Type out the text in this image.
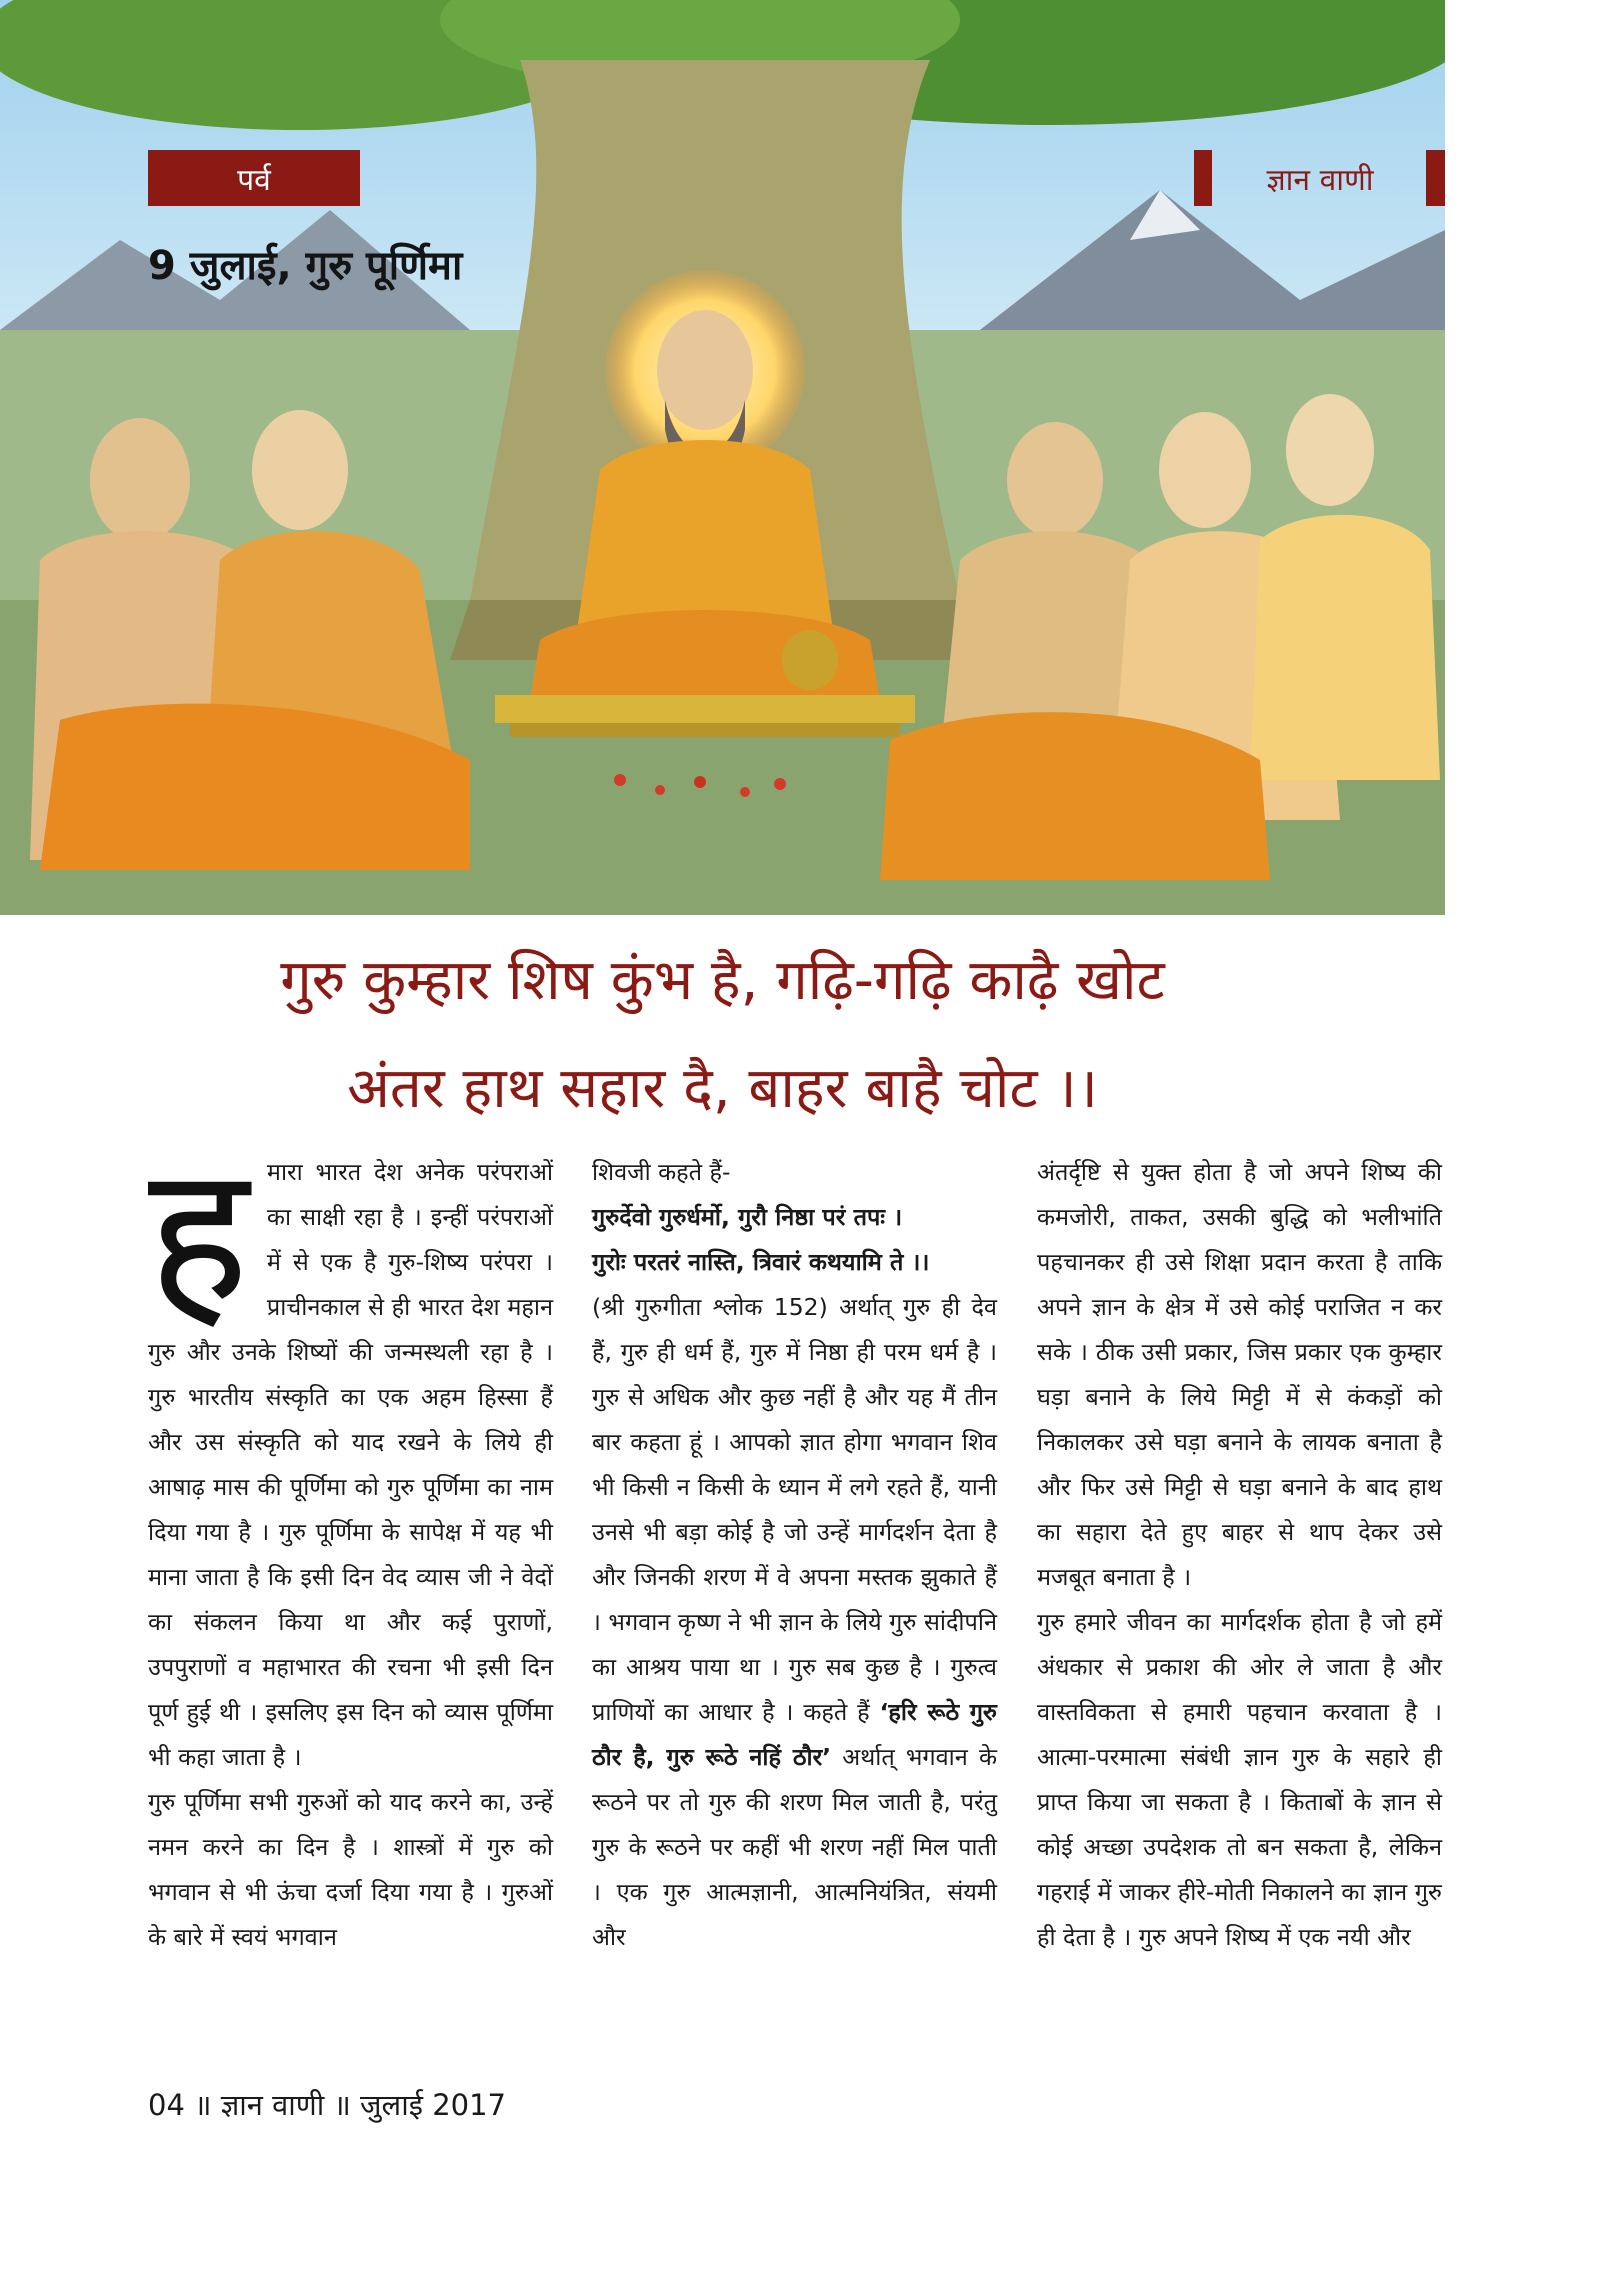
पर्व
9 जुलाई, गुरु पूर्णिमा
ज्ञान वाणी
गुरु कुम्हार शिष कुंभ है, गढ़ि-गढ़ि काढ़ै खोट
अंतर हाथ सहार दै, बाहर बाहै चोट ।।

हमारा भारत देश अनेक परंपराओं का साक्षी रहा है । इन्हीं परंपराओं में से एक है गुरु-शिष्य परंपरा । प्राचीनकाल से ही भारत देश महान गुरु और उनके शिष्यों की जन्मस्थली रहा है । गुरु भारतीय संस्कृति का एक अहम हिस्सा हैं और उस संस्कृति को याद रखने के लिये ही आषाढ़ मास की पूर्णिमा को गुरु पूर्णिमा का नाम दिया गया है । गुरु पूर्णिमा के सापेक्ष में यह भी माना जाता है कि इसी दिन वेद व्यास जी ने वेदों का संकलन किया था और कई पुराणों, उपपुराणों व महाभारत की रचना भी इसी दिन पूर्ण हुई थी । इसलिए इस दिन को व्यास पूर्णिमा भी कहा जाता है ।

गुरु पूर्णिमा सभी गुरुओं को याद करने का, उन्हें नमन करने का दिन है । शास्त्रों में गुरु को भगवान से भी ऊंचा दर्जा दिया गया है । गुरुओं के बारे में स्वयं भगवान

शिवजी कहते हैं-

गुरुर्देवो गुरुर्धर्मो, गुरौ निष्ठा परं तपः ।

गुरोः परतरं नास्ति, त्रिवारं कथयामि ते ।।

(श्री गुरुगीता श्लोक 152) अर्थात् गुरु ही देव हैं, गुरु ही धर्म हैं, गुरु में निष्ठा ही परम धर्म है । गुरु से अधिक और कुछ नहीं है और यह मैं तीन बार कहता हूं । आपको ज्ञात होगा भगवान शिव भी किसी न किसी के ध्यान में लगे रहते हैं, यानी उनसे भी बड़ा कोई है जो उन्हें मार्गदर्शन देता है और जिनकी शरण में वे अपना मस्तक झुकाते हैं । भगवान कृष्ण ने भी ज्ञान के लिये गुरु सांदीपनि का आश्रय पाया था । गुरु सब कुछ है । गुरुत्व प्राणियों का आधार है । कहते हैं ‘हरि रूठे गुरु ठौर है, गुरु रूठे नहिं ठौर’ अर्थात् भगवान के रूठने पर तो गुरु की शरण मिल जाती है, परंतु गुरु के रूठने पर कहीं भी शरण नहीं मिल पाती । एक गुरु आत्मज्ञानी, आत्मनियंत्रित, संयमी और

अंतर्दृष्टि से युक्त होता है जो अपने शिष्य की कमजोरी, ताकत, उसकी बुद्धि को भलीभांति पहचानकर ही उसे शिक्षा प्रदान करता है ताकि अपने ज्ञान के क्षेत्र में उसे कोई पराजित न कर सके । ठीक उसी प्रकार, जिस प्रकार एक कुम्हार घड़ा बनाने के लिये मिट्टी में से कंकड़ों को निकालकर उसे घड़ा बनाने के लायक बनाता है और फिर उसे मिट्टी से घड़ा बनाने के बाद हाथ का सहारा देते हुए बाहर से थाप देकर उसे मजबूत बनाता है ।

गुरु हमारे जीवन का मार्गदर्शक होता है जो हमें अंधकार से प्रकाश की ओर ले जाता है और वास्तविकता से हमारी पहचान करवाता है । आत्मा-परमात्मा संबंधी ज्ञान गुरु के सहारे ही प्राप्त किया जा सकता है । किताबों के ज्ञान से कोई अच्छा उपदेशक तो बन सकता है, लेकिन गहराई में जाकर हीरे-मोती निकालने का ज्ञान गुरु ही देता है । गुरु अपने शिष्य में एक नयी और

04 ॥ ज्ञान वाणी ॥ जुलाई 2017
